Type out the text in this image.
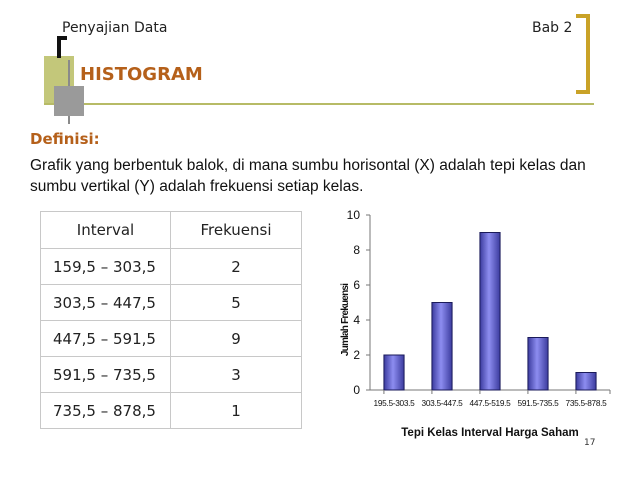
Penyajian Data	Bab 2
HISTOGRAM
Definisi:
Grafik yang berbentuk balok, di mana sumbu horisontal (X) adalah tepi kelas dan sumbu vertikal (Y) adalah frekuensi setiap kelas.
Interval	Frekuensi
159,5 – 303,5	2
303,5 – 447,5	5
447,5 – 591,5	9
591,5 – 735,5	3
735,5 – 878,5	1
0
2
4
6
8
10
195.5-303.5 303.5-447.5 447.5-519.5 591.5-735.5 735.5-878.5
Jumlah Frekuensi
Tepi Kelas Interval Harga Saham
17
